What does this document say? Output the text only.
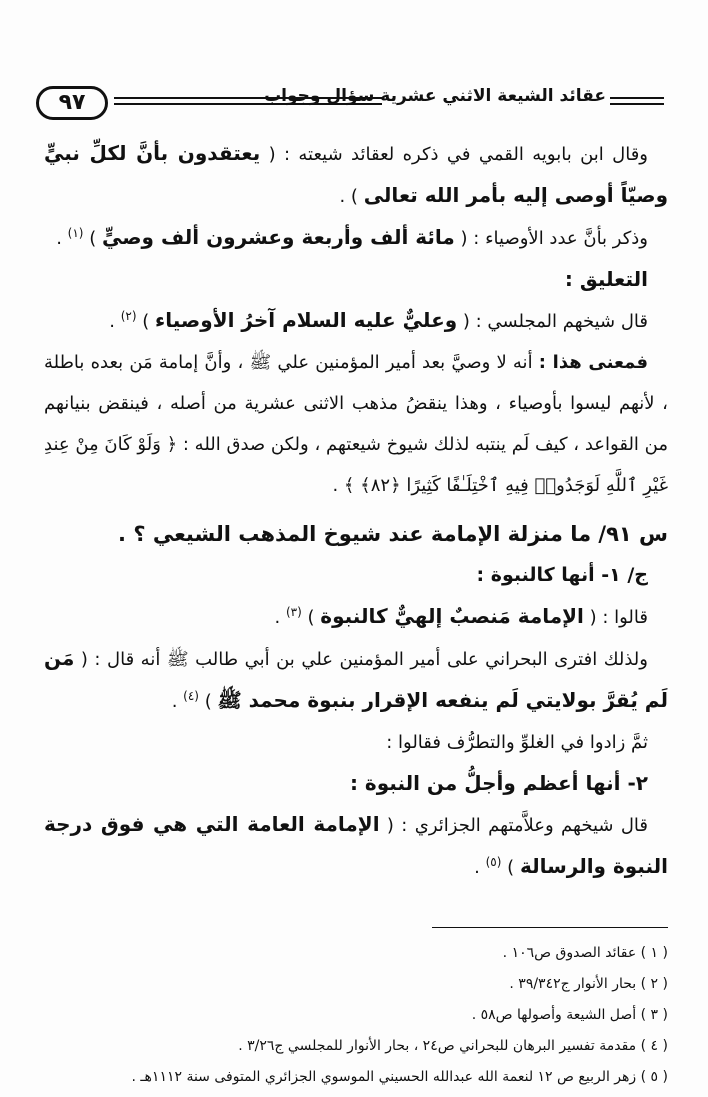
٩٧	عقائد الشيعة الاثني عشرية سؤال وجواب

وقال ابن بابويه القمي في ذكره لعقائد شيعته : ( يعتقدون بأنَّ لكلِّ نبيٍّ وصيّاً أوصى إليه بأمر الله تعالى ) .

وذكر بأنَّ عدد الأوصياء : ( مائة ألف وأربعة وعشرون ألف وصيٍّ ) $^{(١)}$ .

التعليق :

قال شيخهم المجلسي : ( وعليٌّ عليه السلام آخرُ الأوصياء ) $^{(٢)}$ .

فمعنى هذا : أنه لا وصيَّ بعد أمير المؤمنين علي ﷺ ، وأنَّ إمامة مَن بعده باطلة ، لأنهم ليسوا بأوصياء ، وهذا ينقضُ مذهب الاثنى عشرية من أصله ، فينقض بنيانهم من القواعد ، كيف لَم ينتبه لذلك شيوخ شيعتهم ، ولكن صدق الله : ﴿ وَلَوْ كَانَ مِنْ عِندِ غَيْرِ ٱللَّهِ لَوَجَدُوا۟ فِيهِ ٱخْتِلَـٰفًا كَثِيرًا ﴿٨٢﴾ ﴾ .

س ٩١/ ما منزلة الإمامة عند شيوخ المذهب الشيعي ؟ .

ج/ ١- أنها كالنبوة :

قالوا : ( الإمامة مَنصبٌ إلهيٌّ كالنبوة ) $^{(٣)}$ .

ولذلك افترى البحراني على أمير المؤمنين علي بن أبي طالب ﷺ أنه قال : ( مَن لَم يُقرَّ بولايتي لَم ينفعه الإقرار بنبوة محمد ﷺ ) $^{(٤)}$ .

ثمَّ زادوا في الغلوِّ والتطرُّف فقالوا :

٢- أنها أعظم وأجلُّ من النبوة :

قال شيخهم وعلاَّمتهم الجزائري : ( الإمامة العامة التي هي فوق درجة النبوة والرسالة ) $^{(٥)}$ .

( ١ ) عقائد الصدوق ص١٠٦ .
( ٢ ) بحار الأنوار ج٣٩/٣٤٢ .
( ٣ ) أصل الشيعة وأصولها ص٥٨ .
( ٤ ) مقدمة تفسير البرهان للبحراني ص٢٤ ، بحار الأنوار للمجلسي ج٣/٢٦ .
( ٥ ) زهر الربيع ص ١٢ لنعمة الله عبدالله الحسيني الموسوي الجزائري المتوفى سنة ١١١٢هـ .
